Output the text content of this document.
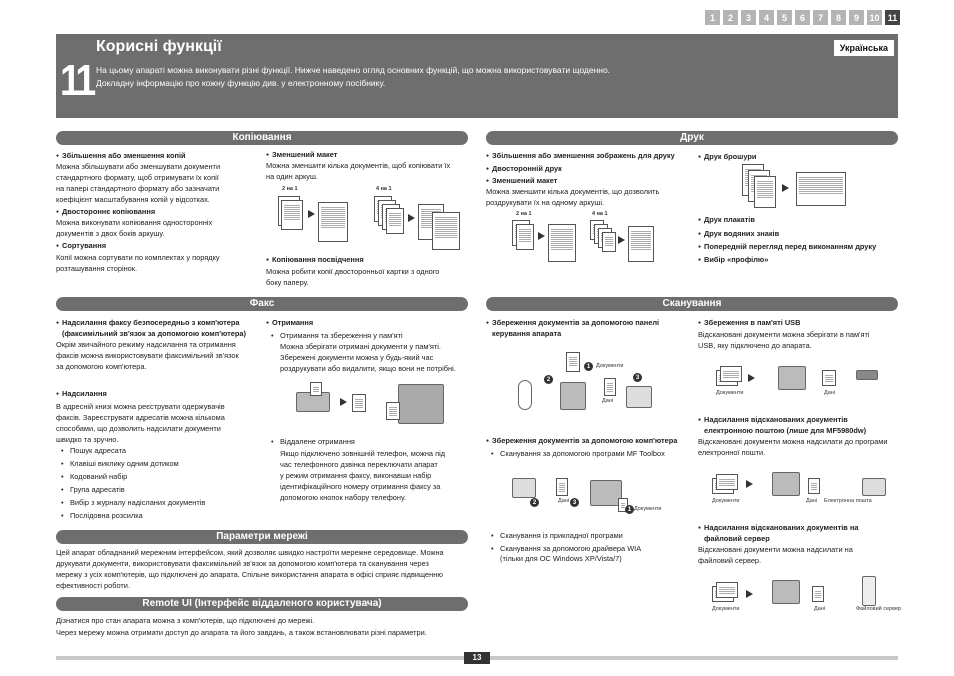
1	2	3	4	5	6	7	8	9	10 11
11
Корисні функції
На цьому апараті можна виконувати різні функції. Нижче наведено огляд основних функцій, що можна використовувати щоденно.
Докладну інформацію про кожну функцію див. у електронному посібнику.
Українська
Копіювання
● Збільшення або зменшення копій
Можна збільшувати або зменшувати документи
стандартного формату, щоб отримувати їх копії
на папері стандартного формату або зазначати
коефіцієнт масштабування копій у відсотках.
● Двостороннє копіювання
Можна виконувати копіювання односторонніх
документів з двох боків аркушу.
● Сортування
Копії можна сортувати по комплектах у порядку
розташування сторінок.
● Зменшений макет
Можна зменшити кілька документів, щоб копіювати їх
на один аркуш.
2 на 1	4 на 1
● Копіювання посвідчення
Можна робити копії двосторонньої картки з одного
боку паперу.
Друк
● Збільшення або зменшення зображень для друку
● Двосторонній друк
● Зменшений макет
Можна зменшити кілька документів, що дозволить
роздрукувати їх на одному аркуші.
2 на 1	4 на 1
● Друк брошури
● Друк плакатів
● Друк водяних знаків
● Попередній перегляд перед виконанням друку
● Вибір «профілю»
Факс
● Надсилання факсу безпосередньо з комп'ютера
(факсимільний зв'язок за допомогою комп'ютера)
Окрім звичайного режиму надсилання та отримання
факсів можна використовувати факсимільний зв'язок
за допомогою комп'ютера.
● Надсилання
В адресній книзі можна реєструвати одержувачів
факсів. Зареєструвати адресатів можна кількома
способами, що дозволить надсилати документи
швидко та зручно.
• Пошук адресата
• Клавіші виклику одним дотиком
• Кодований набір
• Група адресатів
• Вибір з журналу надісланих документів
• Послідовна розсилка
● Отримання
• Отримання та збереження у пам'яті
Можна зберігати отримані документи у пам'яті.
Збережені документи можна у будь-який час
роздрукувати або видалити, якщо вони не потрібні.
• Віддалене отримання
Якщо підключено зовнішній телефон, можна під
час телефонного дзвінка переключати апарат
у режим отримання факсу, виконавши набір
ідентифікаційного номеру отримання факсу за
допомогою кнопок набору телефону.
Сканування
● Збереження документів за допомогою панелі
керування апарата
1	Документи
2	3
Дані
● Збереження документів за допомогою комп'ютера
• Сканування за допомогою програми MF Toolbox
2	Дані 3
1 Документи
• Сканування із прикладної програми
• Сканування за допомогою драйвера WIA
(тільки для ОС Windows XP/Vista/7)
● Збереження в пам'яті USB
Відскановані документи можна зберігати в пам'яті
USB, яку підключено до апарата.
Документи	Дані
● Надсилання відсканованих документів
електронною поштою (лише для MF5980dw)
Відскановані документи можна надсилати до програми
електронної пошти.
Документи	Дані Електронна пошта
● Надсилання відсканованих документів на
файловий сервер
Відскановані документи можна надсилати на
файловий сервер.
Документи	Дані	Файловий сервер
Параметри мережі
Цей апарат обладнаний мережним інтерфейсом, який дозволяє швидко настроїти мережне середовище. Можна
друкувати документи, використовувати факсимільний зв'язок за допомогою комп'ютера та сканування через
мережу з усіх комп'ютерів, що підключені до апарата. Спільне використання апарата в офісі сприяє підвищенню
ефективності роботи.
Remote UI (Інтерфейс віддаленого користувача)
Дізнатися про стан апарата можна з комп'ютерів, що підключені до мережі.
Через мережу можна отримати доступ до апарата та його завдань, а також встановлювати різні параметри.
13
